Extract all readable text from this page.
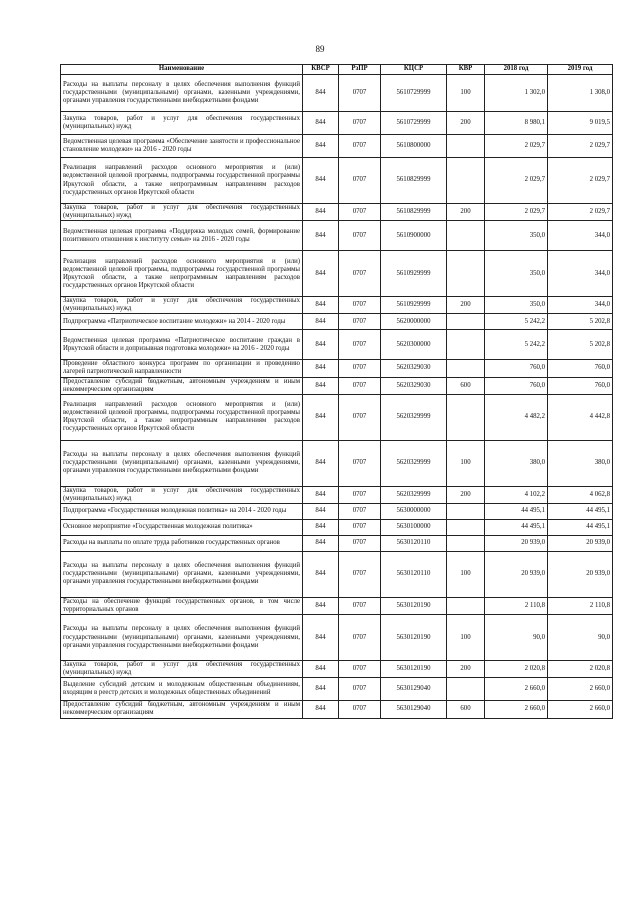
89
Наименование	КВСР	РзПР	КЦСР	КВР	2018 год	2019 год
Расходы на выплаты персоналу в целях обеспечения выполнения функций государственными (муниципальными) органами, казенными учреждениями, органами управления государственными внебюджетными фондами	844	0707	5610729999	100	1 302,0	1 308,0
Закупка товаров, работ и услуг для обеспечения государственных (муниципальных) нужд	844	0707	5610729999	200	8 980,1	9 019,5
Ведомственная целевая программа «Обеспечение занятости и профессиональное становление молодежи» на 2016 - 2020 годы	844	0707	5610800000		2 029,7	2 029,7
Реализация направлений расходов основного мероприятия и (или) ведомственной целевой программы, подпрограммы государственной программы Иркутской области, а также непрограммным направлениям расходов государственных органов Иркутской области	844	0707	5610829999		2 029,7	2 029,7
Закупка товаров, работ и услуг для обеспечения государственных (муниципальных) нужд	844	0707	5610829999	200	2 029,7	2 029,7
Ведомственная целевая программа «Поддержка молодых семей, формирование позитивного отношения к институту семьи» на 2016 - 2020 годы	844	0707	5610900000		350,0	344,0
Реализация направлений расходов основного мероприятия и (или) ведомственной целевой программы, подпрограммы государственной программы Иркутской области, а также непрограммным направлениям расходов государственных органов Иркутской области	844	0707	5610929999		350,0	344,0
Закупка товаров, работ и услуг для обеспечения государственных (муниципальных) нужд	844	0707	5610929999	200	350,0	344,0
Подпрограмма «Патриотическое воспитание молодежи» на 2014 - 2020 годы	844	0707	5620000000		5 242,2	5 202,8
Ведомственная целевая программа «Патриотическое воспитание граждан в Иркутской области и допризывная подготовка молодежи» на 2016 - 2020 годы	844	0707	5620300000		5 242,2	5 202,8
Проведение областного конкурса программ по организации и проведению лагерей патриотической направленности	844	0707	5620329030		760,0	760,0
Предоставление субсидий бюджетным, автономным учреждениям и иным некоммерческим организациям	844	0707	5620329030	600	760,0	760,0
Реализация направлений расходов основного мероприятия и (или) ведомственной целевой программы, подпрограммы государственной программы Иркутской области, а также непрограммным направлениям расходов государственных органов Иркутской области	844	0707	5620329999		4 482,2	4 442,8
Расходы на выплаты персоналу в целях обеспечения выполнения функций государственными (муниципальными) органами, казенными учреждениями, органами управления государственными внебюджетными фондами	844	0707	5620329999	100	380,0	380,0
Закупка товаров, работ и услуг для обеспечения государственных (муниципальных) нужд	844	0707	5620329999	200	4 102,2	4 062,8
Подпрограмма «Государственная молодежная политика» на 2014 - 2020 годы	844	0707	5630000000		44 495,1	44 495,1
Основное мероприятие «Государственная молодежная политика»	844	0707	5630100000		44 495,1	44 495,1
Расходы на выплаты по оплате труда работников государственных органов	844	0707	5630120110		20 939,0	20 939,0
Расходы на выплаты персоналу в целях обеспечения выполнения функций государственными (муниципальными) органами, казенными учреждениями, органами управления государственными внебюджетными фондами	844	0707	5630120110	100	20 939,0	20 939,0
Расходы на обеспечение функций государственных органов, в том числе территориальных органов	844	0707	5630120190		2 110,8	2 110,8
Расходы на выплаты персоналу в целях обеспечения выполнения функций государственными (муниципальными) органами, казенными учреждениями, органами управления государственными внебюджетными фондами	844	0707	5630120190	100	90,0	90,0
Закупка товаров, работ и услуг для обеспечения государственных (муниципальных) нужд	844	0707	5630120190	200	2 020,8	2 020,8
Выделение субсидий детским и молодежным общественным объединениям, входящим в реестр детских и молодежных общественных объединений	844	0707	5630129040		2 660,0	2 660,0
Предоставление субсидий бюджетным, автономным учреждениям и иным некоммерческим организациям	844	0707	5630129040	600	2 660,0	2 660,0
